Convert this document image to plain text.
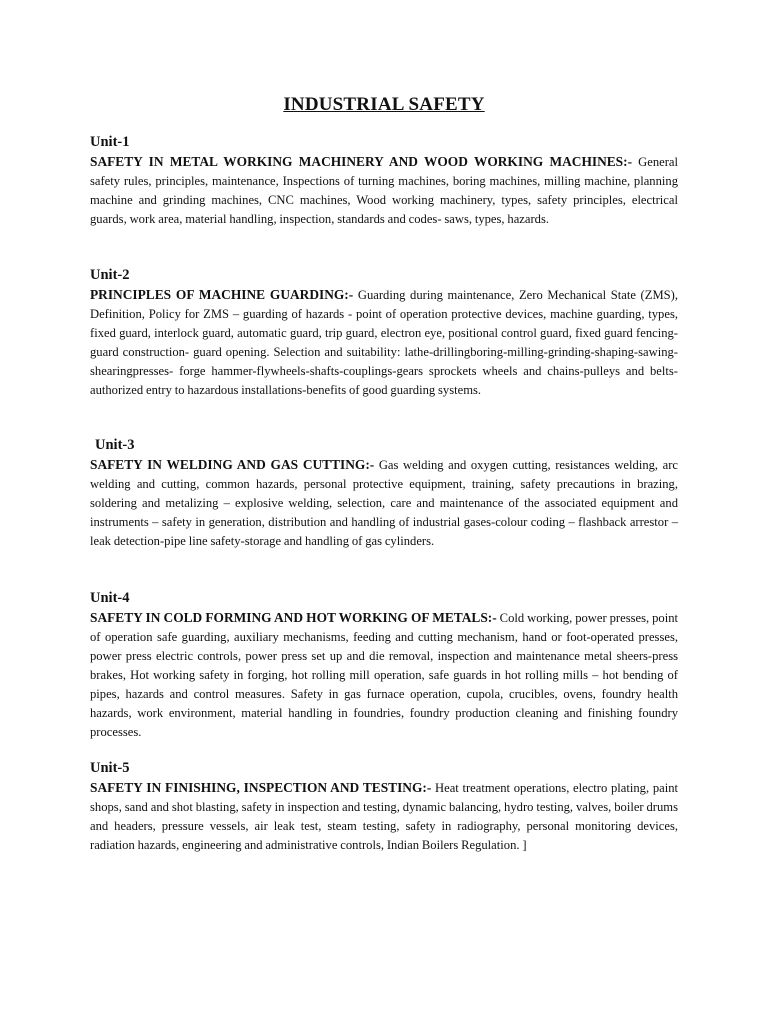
INDUSTRIAL SAFETY

Unit-1

SAFETY IN METAL WORKING MACHINERY AND WOOD WORKING MACHINES:- General safety rules, principles, maintenance, Inspections of turning machines, boring machines, milling machine, planning machine and grinding machines, CNC machines, Wood working machinery, types, safety principles, electrical guards, work area, material handling, inspection, standards and codes- saws, types, hazards.

Unit-2

PRINCIPLES OF MACHINE GUARDING:- Guarding during maintenance, Zero Mechanical State (ZMS), Definition, Policy for ZMS – guarding of hazards - point of operation protective devices, machine guarding, types, fixed guard, interlock guard, automatic guard, trip guard, electron eye, positional control guard, fixed guard fencing- guard construction- guard opening. Selection and suitability: lathe-drillingboring-milling-grinding-shaping-sawing-shearingpresses- forge hammer-flywheels-shafts-couplings-gears sprockets wheels and chains-pulleys and belts-authorized entry to hazardous installations-benefits of good guarding systems.

Unit-3

SAFETY IN WELDING AND GAS CUTTING:- Gas welding and oxygen cutting, resistances welding, arc welding and cutting, common hazards, personal protective equipment, training, safety precautions in brazing, soldering and metalizing – explosive welding, selection, care and maintenance of the associated equipment and instruments – safety in generation, distribution and handling of industrial gases-colour coding – flashback arrestor – leak detection-pipe line safety-storage and handling of gas cylinders.

Unit-4

SAFETY IN COLD FORMING AND HOT WORKING OF METALS:- Cold working, power presses, point of operation safe guarding, auxiliary mechanisms, feeding and cutting mechanism, hand or foot-operated presses, power press electric controls, power press set up and die removal, inspection and maintenance metal sheers-press brakes, Hot working safety in forging, hot rolling mill operation, safe guards in hot rolling mills – hot bending of pipes, hazards and control measures. Safety in gas furnace operation, cupola, crucibles, ovens, foundry health hazards, work environment, material handling in foundries, foundry production cleaning and finishing foundry processes.

Unit-5

SAFETY IN FINISHING, INSPECTION AND TESTING:- Heat treatment operations, electro plating, paint shops, sand and shot blasting, safety in inspection and testing, dynamic balancing, hydro testing, valves, boiler drums and headers, pressure vessels, air leak test, steam testing, safety in radiography, personal monitoring devices, radiation hazards, engineering and administrative controls, Indian Boilers Regulation. ]
